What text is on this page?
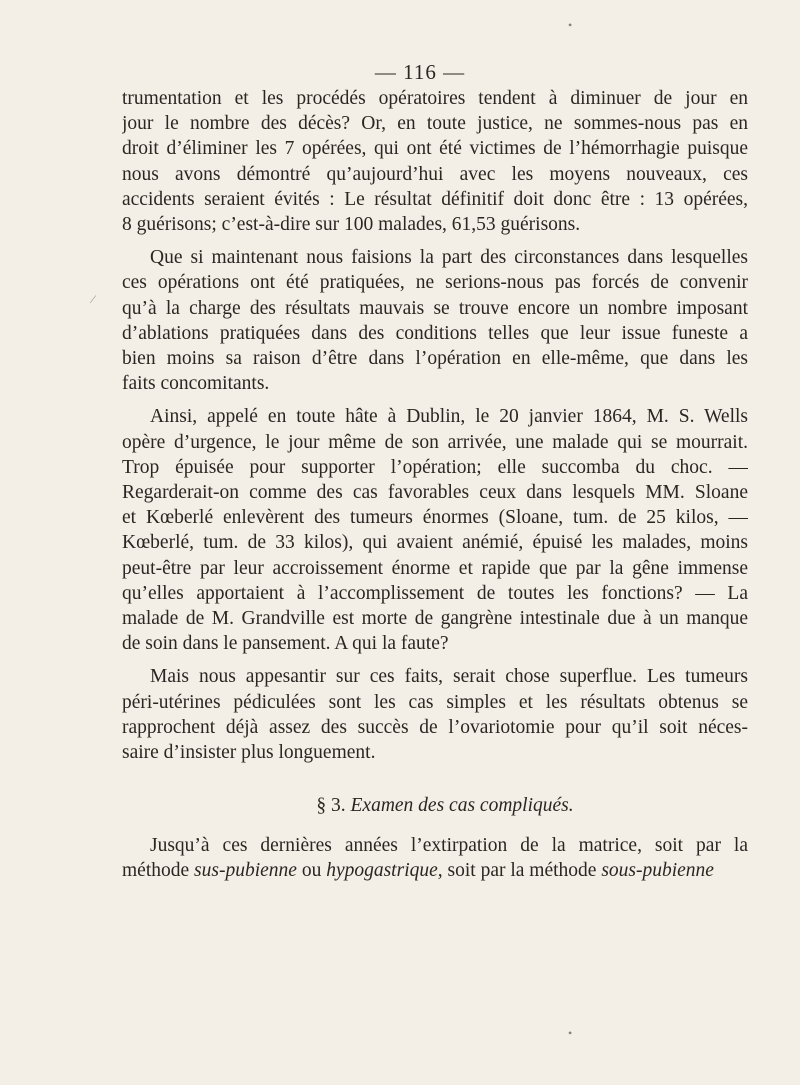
— 116 —

trumentation et les procédés opératoires tendent à diminuer de jour en
jour le nombre des décès? Or, en toute justice, ne sommes-nous pas en
droit d’éliminer les 7 opérées, qui ont été victimes de l’hémorrhagie puisque
nous avons démontré qu’aujourd’hui avec les moyens nouveaux, ces
accidents seraient évités : Le résultat définitif doit donc être : 13 opérées,
8 guérisons; c’est-à-dire sur 100 malades, 61,53 guérisons.

Que si maintenant nous faisions la part des circonstances dans lesquelles
ces opérations ont été pratiquées, ne serions-nous pas forcés de convenir
qu’à la charge des résultats mauvais se trouve encore un nombre imposant
d’ablations pratiquées dans des conditions telles que leur issue funeste a
bien moins sa raison d’être dans l’opération en elle-même, que dans les
faits concomitants.

Ainsi, appelé en toute hâte à Dublin, le 20 janvier 1864, M. S. Wells
opère d’urgence, le jour même de son arrivée, une malade qui se mourrait.
Trop épuisée pour supporter l’opération; elle succomba du choc. —
Regarderait-on comme des cas favorables ceux dans lesquels MM. Sloane
et Kœberlé enlevèrent des tumeurs énormes (Sloane, tum. de 25 kilos, —
Kœberlé, tum. de 33 kilos), qui avaient anémié, épuisé les malades, moins
peut-être par leur accroissement énorme et rapide que par la gêne immense
qu’elles apportaient à l’accomplissement de toutes les fonctions? — La
malade de M. Grandville est morte de gangrène intestinale due à un manque
de soin dans le pansement. A qui la faute?

Mais nous appesantir sur ces faits, serait chose superflue. Les tumeurs
péri-utérines pédiculées sont les cas simples et les résultats obtenus se
rapprochent déjà assez des succès de l’ovariotomie pour qu’il soit néces-
saire d’insister plus longuement.

§ 3. Examen des cas compliqués.

Jusqu’à ces dernières années l’extirpation de la matrice, soit par la
méthode sus-pubienne ou hypogastrique, soit par la méthode sous-pubienne

•
⁄
•
